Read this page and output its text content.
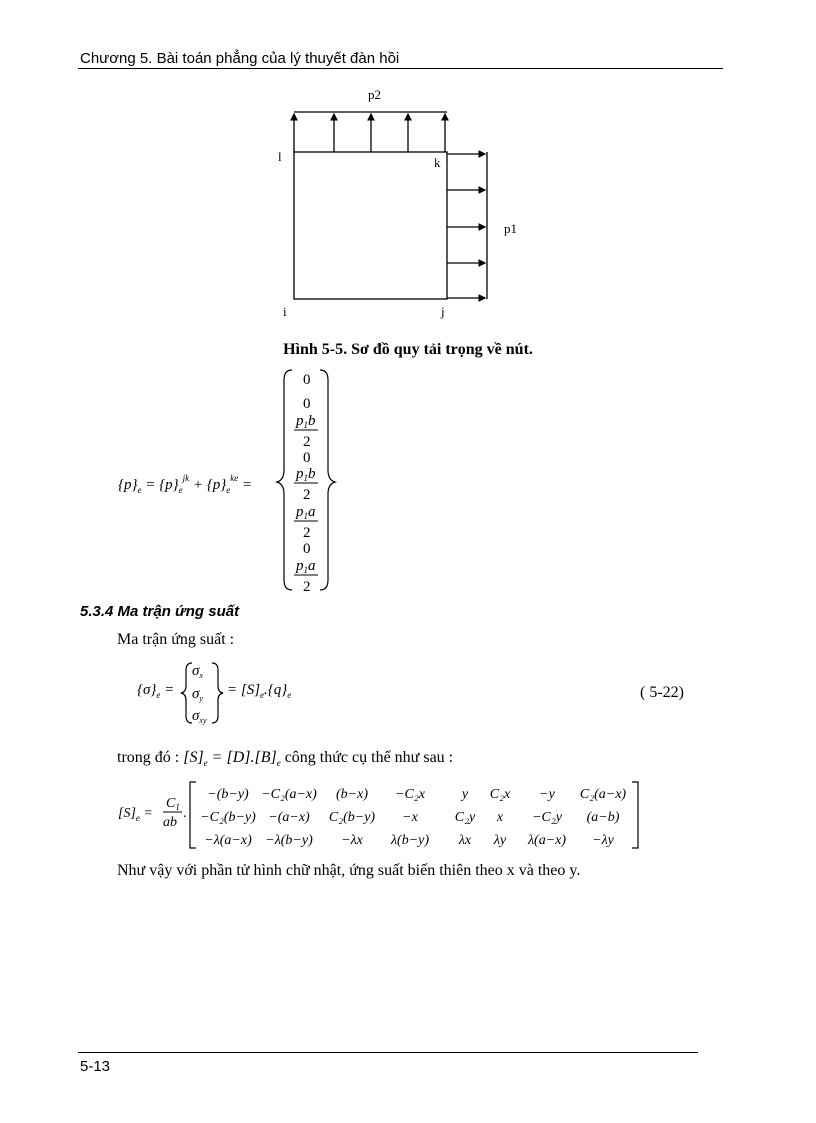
Chương 5. Bài toán phẳng của lý thuyết đàn hồi
p2
p1
l	k
i	j
Hình 5-5. Sơ đồ quy tải trọng về nút.
$\{p\}_e = \{p\}_e^{jk} + \{p\}_e^{ke}$ =
0
0
$p_1b$
2
0
$p_1b$
2
$p_1a$
2
0
$p_1a$
2
5.3.4 Ma trận ứng suất
Ma trận ứng suất :
$\{\sigma\}_e$ =
$\sigma_x$
$\sigma_y$
$\sigma_{xy}$
= $[S]_e.\{q\}_e$	( 5-22)
trong đó : $[S]_e = [D].[B]_e$ công thức cụ thể như sau :
$[S]_e$ =
$C_1$
ab
.
−(b−y) −C₂(a−x) (b−x) −C₂x	y C₂x −y C₂(a−x)
−C₂(b−y) −(a−x) C₂(b−y) −x	C₂y x −C₂y (a−b)
−λ(a−x) −λ(b−y) −λx λ(b−y) λx λy λ(a−x) −λy
Như vậy với phần tử hình chữ nhật, ứng suất biến thiên theo x và theo y.
5-13
